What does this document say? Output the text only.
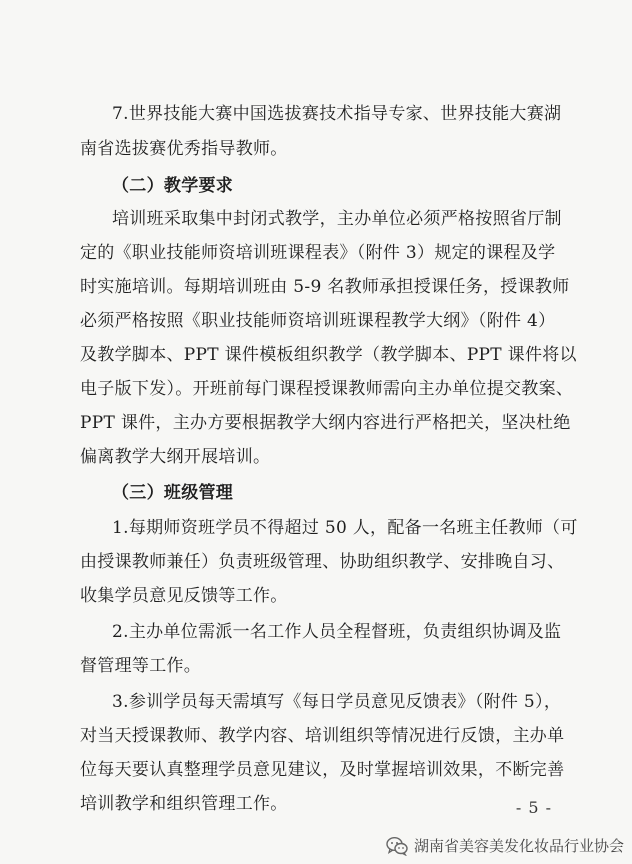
7.世界技能大赛中国选拔赛技术指导专家、世界技能大赛湖
南省选拔赛优秀指导教师。
（二）教学要求
培训班采取集中封闭式教学，主办单位必须严格按照省厅制
定的《职业技能师资培训班课程表》（附件 3）规定的课程及学
时实施培训。每期培训班由 5-9 名教师承担授课任务，授课教师
必须严格按照《职业技能师资培训班课程教学大纲》（附件 4）
及教学脚本、PPT 课件模板组织教学（教学脚本、PPT 课件将以
电子版下发）。开班前每门课程授课教师需向主办单位提交教案、
PPT 课件，主办方要根据教学大纲内容进行严格把关，坚决杜绝
偏离教学大纲开展培训。
（三）班级管理
1.每期师资班学员不得超过 50 人，配备一名班主任教师（可
由授课教师兼任）负责班级管理、协助组织教学、安排晚自习、
收集学员意见反馈等工作。
2.主办单位需派一名工作人员全程督班，负责组织协调及监
督管理等工作。
3.参训学员每天需填写《每日学员意见反馈表》（附件 5），
对当天授课教师、教学内容、培训组织等情况进行反馈，主办单
位每天要认真整理学员意见建议，及时掌握培训效果，不断完善
培训教学和组织管理工作。	- 5 -
湖南省美容美发化妆品行业协会
